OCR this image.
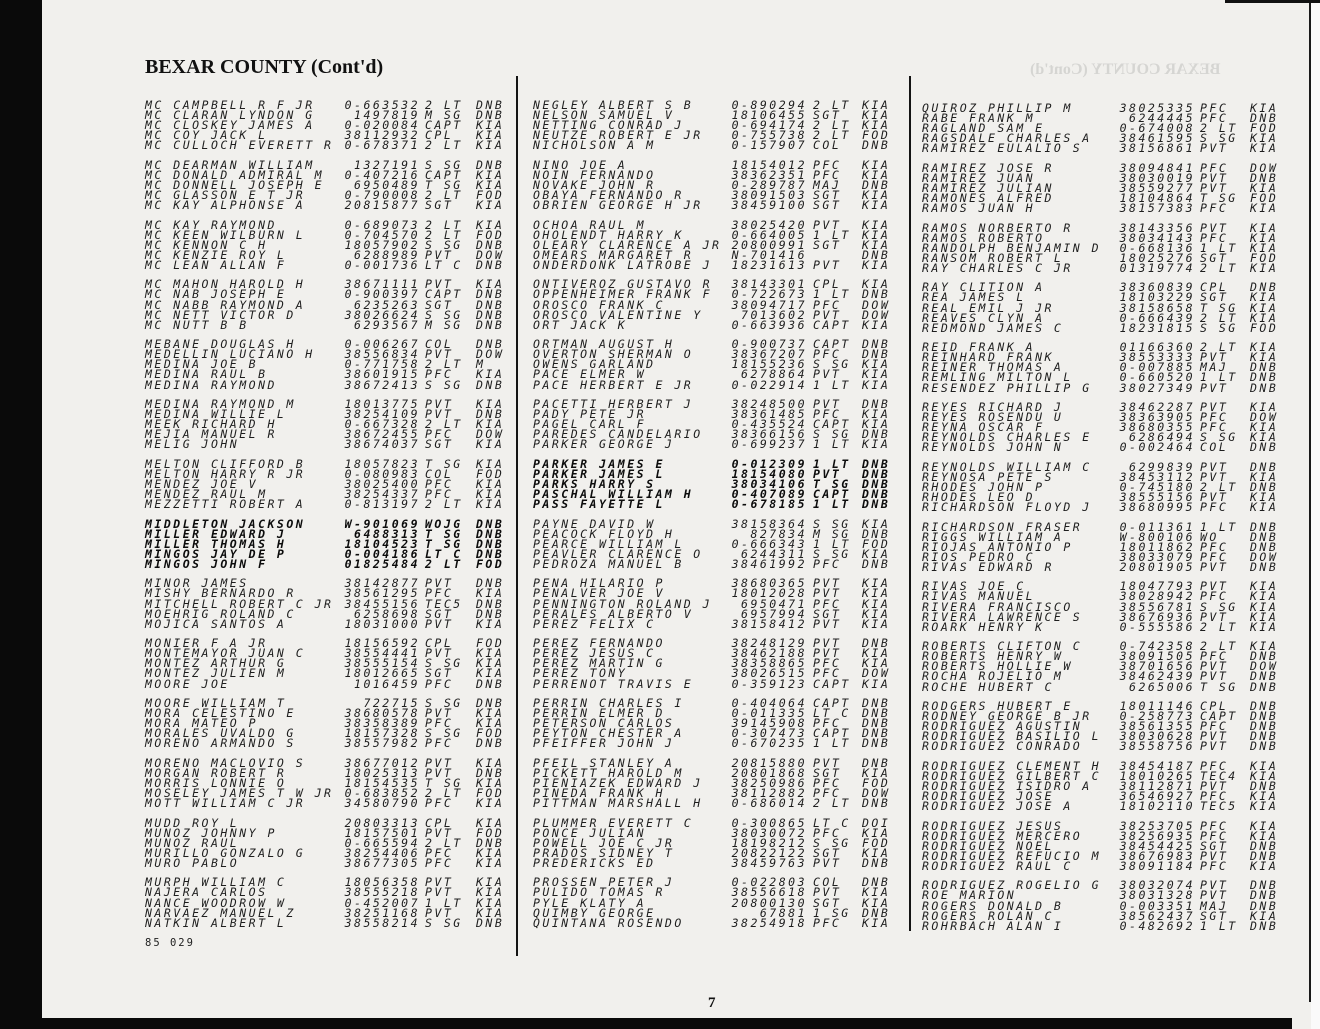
BEXAR COUNTY (Cont'd)	BEXAR COUNTY (Cont'd)
MC CAMPBELL R F JR	0-663532 2 LT DNB
MC CLARAN LYNDON G	1497819 M SG DNB
MC CLOSKEY JAMES A	0-020084 CAPT KIA
MC COY JACK L	38112932 CPL KIA
MC CULLOCH EVERETT R 0-678371 2 LT KIA
MC DEARMAN WILLIAM	1327191 S SG DNB
MC DONALD ADMIRAL M 0-407216 CAPT KIA
MC DONNELL JOSEPH E	6950489 T SG KIA
MC GLASSON E T JR	0-790008 2 LT FOD
MC KAY ALPHONSE A	20815877 SGT KIA
MC KAY RAYMOND	0-689073 2 LT KIA
MC KEEN WILBURN L	0-704570 2 LT FOD
MC KENNON C H	18057902 S SG DNB
MC KENZIE ROY L	6288989 PVT DOW
MC LEAN ALLAN F	0-001736 LT C DNB
MC MAHON HAROLD H	38671111 PVT KIA
MC NAB JOSEPH E	0-900397 CAPT DNB
MC NABB RAYMOND A	6235263 SGT DNB
MC NETT VICTOR D	38026624 S SG DNB
MC NUTT B B	6293567 M SG DNB
MEBANE DOUGLAS H	0-006267 COL DNB
MEDELLIN LUCIANO H	38556834 PVT DOW
MEDINA JOE B	0-771758 2 LT M
MEDINA RAUL B	38601915 PFC KIA
MEDINA RAYMOND	38672413 S SG DNB
MEDINA RAYMOND M	18013775 PVT KIA
MEDINA WILLIE L	38254109 PVT DNB
MEEK RICHARD H	0-667328 2 LT KIA
MEJIA MANUEL R	38672455 PFC DOW
MELIG JOHN	38674037 SGT KIA
MELTON CLIFFORD B	18057823 T SG KIA
MELTON HARRY R JR	0-080983 COL FOD
MENDEZ JOE V	38025400 PFC KIA
MENDEZ RAUL M	38254337 PFC KIA
MEZZETTI ROBERT A	0-813197 2 LT KIA
MIDDLETON JACKSON	W-901069 WOJG DNB
MILLER EDWARD J	6488313 T SG DNB
MILLER THOMAS H	18104523 T SG DNB
MINGOS JAY DE P	0-004186 LT C DNB
MINGOS JOHN F	01825484 2 LT FOD
MINOR JAMES	38142877 PVT DNB
MISHY BERNARDO R	38561295 PFC KIA
MITCHELL ROBERT C JR 38455156 TEC5 DNB
MOEHRIG ROLAND C	6258698 SGT DNB
MOJICA SANTOS A	18031000 PVT KIA
MONIER F A JR	18156592 CPL FOD
MONTEMAYOR JUAN C	38554441 PVT KIA
MONTEZ ARTHUR G	38555154 S SG KIA
MONTEZ JULIEN M	18012665 SGT KIA
MOORE JOE	1016459 PFC DNB
MOORE WILLIAM T	722715 S SG DNB
MORA CELESTINO E	38680578 PVT KIA
MORA MATEO P	38358389 PFC KIA
MORALES UVALDO G	18157328 S SG FOD
MORENO ARMANDO S	38557982 PFC DNB
MORENO MACLOVIO S	38677012 PVT KIA
MORGAN ROBERT R	18025313 PVT DNB
MORRIS LONNIE O	18154535 T SG KIA
MOSELEY JAMES T W JR 0-683852 2 LT FOD
MOTT WILLIAM C JR	34580790 PFC KIA
MUDD ROY L	20803313 CPL KIA
MUNOZ JOHNNY P	18157501 PVT FOD
MUNOZ RAUL	0-665594 2 LT DNB
MURILLO GONZALO G	38254406 PFC KIA
MURO PABLO	38677305 PFC KIA
MURPH WILLIAM C	18056358 PVT KIA
NAJERA CARLOS	38555218 PVT KIA
NANCE WOODROW W	0-452007 1 LT KIA
NARVAEZ MANUEL Z	38251168 PVT KIA
NATKIN ALBERT L	38558214 S SG DNB
NEGLEY ALBERT S B	0-890294 2 LT KIA
NELSON SAMUEL V	18106455 SGT KIA
NETTING CONRAD J	0-694174 2 LT KIA
NEUTZE ROBERT E JR	0-755738 2 LT FOD
NICHOLSON A M	0-157907 COL DNB
NINO JOE A	18154012 PFC KIA
NOIN FERNANDO	38362351 PFC KIA
NOVAKE JOHN R	0-289787 MAJ DNB
OBAYA FERNANDO R	38091503 SGT KIA
OBRIEN GEORGE H JR	38459100 SGT KIA
OCHOA RAUL M	38025420 PVT KIA
OHOLENDT HARRY K	0-664005 1 LT KIA
OLEARY CLARENCE A JR 20800991 SGT KIA
OMEARS MARGARET R	N-701416	DNB
ONDERDONK LATROBE J 18231613 PVT KIA
ONTIVEROZ GUSTAVO R 38143301 CPL KIA
OPPENHEIMER FRANK F 0-722673 1 LT DNB
OROSCO FRANK C	38094717 PFC DOW
OROSCO VALENTINE Y	7013602 PVT DOW
ORT JACK K	0-663936 CAPT KIA
ORTMAN AUGUST H	0-900737 CAPT DNB
OVERTON SHERMAN O	38367207 PFC DNB
OWENS GARLAND	18155236 S SG KIA
PACE ELMER W	6278864 PVT KIA
PACE HERBERT E JR	0-022914 1 LT KIA
PACETTI HERBERT J	38248500 PVT DNB
PADY PETE JR	38361485 PFC KIA
PAGEL CARL F	0-435524 CAPT KIA
PAREDES CANDELARIO	38366156 S SG DNB
PARKER GEORGE J	0-699237 1 LT KIA
PARKER JAMES E	0-012309 1 LT DNB
PARKER JAMES L	18154080 PVT DNB
PARKS HARRY S	38034106 T SG DNB
PASCHAL WILLIAM H	0-407089 CAPT DNB
PASS FAYETTE L	0-678185 1 LT DNB
PAYNE DAVID W	38158364 S SG KIA
PEACOCK FLOYD H	827834 M SG DNB
PEARCE WILLIAM L	0-666343 1 LT FOD
PEAVLER CLARENCE O	6244311 S SG KIA
PEDROZA MANUEL B	38461992 PFC DNB
PENA HILARIO P	38680365 PVT KIA
PENALVER JOE V	18012028 PVT KIA
PENNINGTON ROLAND J	6950471 PFC KIA
PERALES ALBERTO V	6957994 SGT KIA
PEREZ FELIX C	38158412 PVT KIA
PEREZ FERNANDO	38248129 PVT DNB
PEREZ JESUS C	38462188 PVT KIA
PEREZ MARTIN G	38358865 PFC KIA
PEREZ TONY	38026515 PFC DOW
PERRENOT TRAVIS E	0-359123 CAPT KIA
PERRIN CHARLES I	0-404064 CAPT DNB
PERRIN ELMER D	0-011335 LT C DNB
PETERSON CARLOS	39145908 PFC DNB
PEYTON CHESTER A	0-307473 CAPT DNB
PFEIFFER JOHN J	0-670235 1 LT DNB
PFEIL STANLEY A	20815880 PVT DNB
PICKETT HAROLD M	20801868 SGT KIA
PIENIAZEK EDWARD J	38250986 PFC FOD
PINEDA FRANK H	38112882 PFC DOW
PITTMAN MARSHALL H	0-686014 2 LT DNB
PLUMMER EVERETT C	0-300865 LT C DOI
PONCE JULIAN	38030072 PFC KIA
POWELL JOE C JR	18198212 S SG FOD
PRADOS SIDNEY T	20822122 SGT KIA
PREDERICKS ED	38459763 PVT DNB
PROSSEN PETER J	0-022803 COL DNB
PULIDO TOMAS R	38556618 PVT KIA
PYLE KLATY A	20800130 SGT KIA
QUIMBY GEORGE	67881 1 SG DNB
QUINTANA ROSENDO	38254918 PFC KIA
QUIROZ PHILLIP M	38025335 PFC KIA
RABE FRANK M	6244445 PFC DNB
RAGLAND SAM E	0-674008 2 LT FOD
RAGSDALE CHARLES A 38461595 S SG KIA
RAMIREZ EULALIO S	38156861 PVT KIA
RAMIREZ JOSE R	38094841 PFC DOW
RAMIREZ JUAN	38030019 PVT DNB
RAMIREZ JULIAN	38559277 PVT KIA
RAMONES ALFRED	18104864 T SG FOD
RAMOS JUAN H	38157383 PFC KIA
RAMOS NORBERTO R	38143356 PVT KIA
RAMOS ROBERTO	38034143 PFC KIA
RANDOLPH BENJAMIN D 0-668136 1 LT KIA
RANSOM ROBERT L	18025276 SGT FOD
RAY CHARLES C JR	01319774 2 LT KIA
RAY CLITION A	38360839 CPL DNB
REA JAMES L	18103229 SGT KIA
REAL EMIL J JR	38158658 T SG KIA
REAVES CLYN A	0-666439 2 LT KIA
REDMOND JAMES C	18231815 S SG FOD
REID FRANK A	01166360 2 LT KIA
REINHARD FRANK	38553333 PVT KIA
REINER THOMAS A	0-007885 MAJ DNB
REMLING MILTON L	0-660520 1 LT DNB
RESENDEZ PHILLIP G 38027349 PVT DNB
REYES RICHARD J	38462287 PVT KIA
REYES ROSENDU U	38363905 PFC DOW
REYNA OSCAR F	38680355 PFC KIA
REYNOLDS CHARLES E	6286494 S SG KIA
REYNOLDS JOHN N	0-002464 COL DNB
REYNOLDS WILLIAM C	6299839 PVT DNB
REYNOSA PETE S	38453112 PVT KIA
RHODES JOHN P	0-745180 2 LT DNB
RHODES LEO D	38555156 PVT KIA
RICHARDSON FLOYD J 38680995 PFC KIA
RICHARDSON FRASER	0-011361 1 LT DNB
RIGGS WILLIAM A	W-800106 WO	DNB
RIOJAS ANTONIO P	18011862 PFC DNB
RIOS PEDRO C	38033079 PFC DOW
RIVAS EDWARD R	20801905 PVT DNB
RIVAS JOE C	18047793 PVT KIA
RIVAS MANUEL	38028942 PFC KIA
RIVERA FRANCISCO	38556781 S SG KIA
RIVERA LAWRENCE S	38676936 PVT KIA
ROARK HENRY K	0-555586 2 LT KIA
ROBERTS CLIFTON C	0-742358 2 LT KIA
ROBERTS HENRY W	38091505 PFC DNB
ROBERTS HOLLIE W	38701656 PVT DOW
ROCHA ROJELIO M	38462439 PVT DNB
ROCHE HUBERT C	6265006 T SG DNB
RODGERS HUBERT E	18011146 CPL DNB
RODNEY GEORGE B JR 0-258773 CAPT DNB
RODRIGUEZ AGUSTIN	38561355 PFC DNB
RODRIGUEZ BASILIO L 38030628 PVT DNB
RODRIGUEZ CONRADO	38558756 PVT DNB
RODRIGUEZ CLEMENT H 38454187 PFC KIA
RODRIGUEZ GILBERT C 18010265 TEC4 KIA
RODRIGUEZ ISIDRO A 38112871 PVT DNB
RODRIGUEZ JOSE	36546927 PFC KIA
RODRIGUEZ JOSE A	18102110 TEC5 KIA
RODRIGUEZ JESUS	38253705 PFC KIA
RODRIGUEZ MERCERO	38256935 PFC KIA
RODRIGUEZ NOEL	38454425 SGT DNB
RODRIGUEZ REFUCIO M 38676983 PVT DNB
RODRIGUEZ RAUL C	38091184 PFC KIA
RODRIGUEZ ROGELIO G 38032074 PVT DNB
ROE MARION	38031328 PVT DNB
ROGERS DONALD B	0-003351 MAJ DNB
ROGERS ROLAN C	38562437 SGT KIA
ROHRBACH ALAN I	0-482692 1 LT DNB
85 029
7
